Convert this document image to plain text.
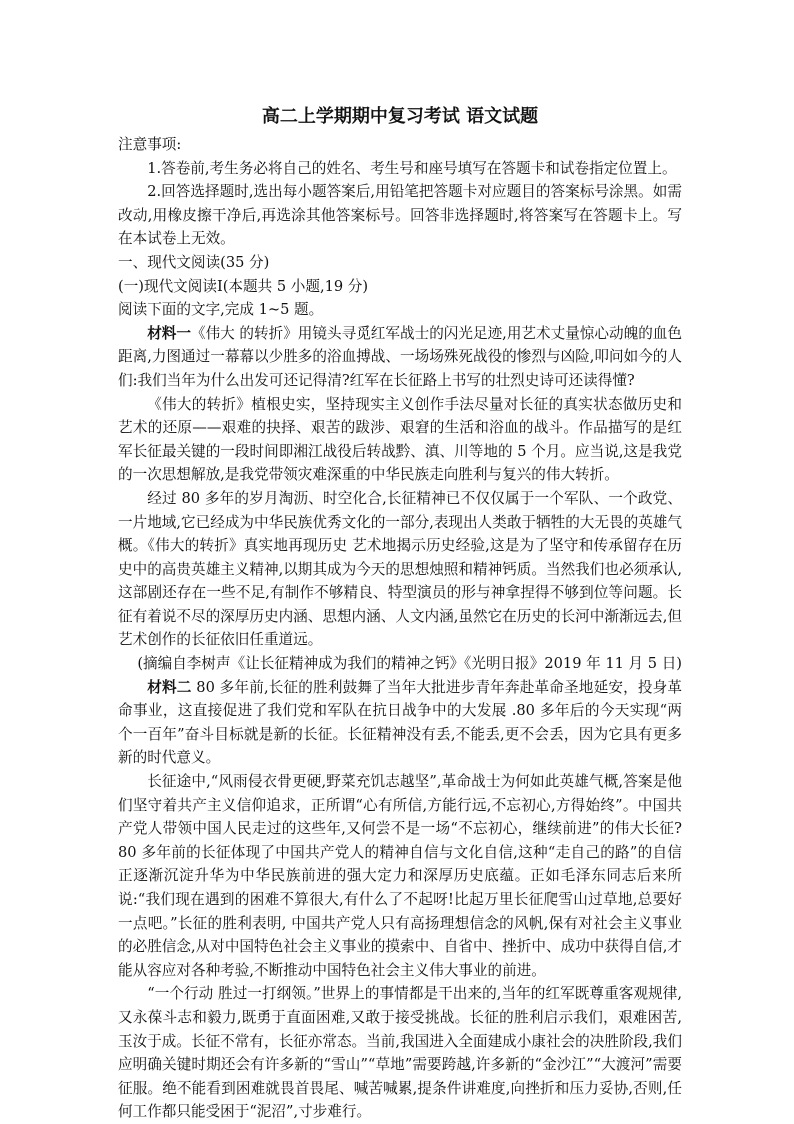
高二上学期期中复习考试 语文试题

注意事项:

1.答卷前,考生务必将自己的姓名、考生号和座号填写在答题卡和试卷指定位置上。

2.回答选择题时,选出每小题答案后,用铅笔把答题卡对应题目的答案标号涂黑。如需改动,用橡皮擦干净后,再选涂其他答案标号。回答非选择题时,将答案写在答题卡上。写在本试卷上无效。

一、现代文阅读(35 分)

(一)现代文阅读Ⅰ(本题共 5 小题,19 分)

阅读下面的文字,完成 1~5 题。

材料一《伟大 的转折》用镜头寻觅红军战士的闪光足迹,用艺术丈量惊心动魄的血色距离,力图通过一幕幕以少胜多的浴血搏战、一场场殊死战役的惨烈与凶险,叩问如今的人们:我们当年为什么出发可还记得清?红军在长征路上书写的壮烈史诗可还读得懂?

《伟大的转折》植根史实，坚持现实主义创作手法尽量对长征的真实状态做历史和艺术的还原——艰难的抉择、艰苦的跋涉、艰窘的生活和浴血的战斗。作品描写的是红军长征最关键的一段时间即湘江战役后转战黔、滇、川等地的 5 个月。应当说,这是我党的一次思想解放,是我党带领灾难深重的中华民族走向胜利与复兴的伟大转折。

经过 80 多年的岁月淘沥、时空化合,长征精神已不仅仅属于一个军队、一个政党、一片地域,它已经成为中华民族优秀文化的一部分,表现出人类敢于牺牲的大无畏的英雄气概。《伟大的转折》真实地再现历史 艺术地揭示历史经验,这是为了坚守和传承留存在历史中的高贵英雄主义精神,以期其成为今天的思想烛照和精神钙质。当然我们也必须承认,这部剧还存在一些不足,有制作不够精良、特型演员的形与神拿捏得不够到位等问题。长征有着说不尽的深厚历史内涵、思想内涵、人文内涵,虽然它在历史的长河中渐渐远去,但艺术创作的长征依旧任重道远。

(摘编自李树声《让长征精神成为我们的精神之钙》《光明日报》2019 年 11 月 5 日)

材料二 80 多年前,长征的胜利鼓舞了当年大批进步青年奔赴革命圣地延安，投身革命事业，这直接促进了我们党和军队在抗日战争中的大发展 .80 多年后的今天实现“两个一百年”奋斗目标就是新的长征。长征精神没有丢,不能丢,更不会丢，因为它具有更多新的时代意义。

长征途中,“风雨侵衣骨更硬,野菜充饥志越坚”,革命战士为何如此英雄气概,答案是他们坚守着共产主义信仰追求，正所谓“心有所信,方能行远,不忘初心,方得始终”。中国共产党人带领中国人民走过的这些年,又何尝不是一场“不忘初心，继续前进”的伟大长征? 80 多年前的长征体现了中国共产党人的精神自信与文化自信,这种“走自己的路”的自信正逐渐沉淀升华为中华民族前进的强大定力和深厚历史底蕴。正如毛泽东同志后来所说:“我们现在遇到的困难不算很大,有什么了不起呀!比起万里长征爬雪山过草地,总要好一点吧。”长征的胜利表明, 中国共产党人只有高扬理想信念的风帆,保有对社会主义事业的必胜信念,从对中国特色社会主义事业的摸索中、自省中、挫折中、成功中获得自信,才能从容应对各种考验,不断推动中国特色社会主义伟大事业的前进。

“一个行动 胜过一打纲领。”世界上的事情都是干出来的,当年的红军既尊重客观规律,又永葆斗志和毅力,既勇于直面困难,又敢于接受挑战。长征的胜利启示我们，艰难困苦,玉汝于成。长征不常有，长征亦常态。当前,我国进入全面建成小康社会的决胜阶段,我们应明确关键时期还会有许多新的“雪山”“草地”需要跨越,许多新的“金沙江”“大渡河”需要征服。绝不能看到困难就畏首畏尾、喊苦喊累,提条件讲难度,向挫折和压力妥协,否则,任何工作都只能受困于“泥沼”,寸步难行。
